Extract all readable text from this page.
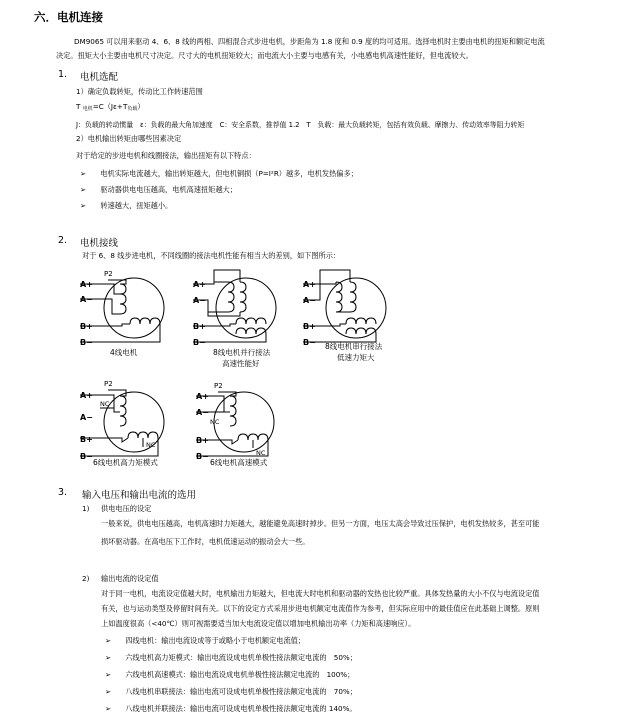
六．电机连接
DM9065 可以用来驱动 4、6、8 线的两相、四相混合式步进电机，步距角为 1.8 度和 0.9 度的均可适用。选择电机时主要由电机的扭矩和额定电流
决定。扭矩大小主要由电机尺寸决定。尺寸大的电机扭矩较大；而电流大小主要与电感有关，小电感电机高速性能好，但电流较大。
1. 电机选配
1）确定负载转矩，传动比工作转速范围
T 电机=C（Jε+T负载）
J：负载的转动惯量　ε：负载的最大角加速度　C：安全系数，推荐值 1.2　T　负载：最大负载转矩，包括有效负载、摩擦力、传动效率等阻力转矩
2）电机输出转矩由哪些因素决定
对于给定的步进电机和线圈接法，输出扭矩有以下特点：
➢ 电机实际电流越大，输出转矩越大，但电机铜损（P=I²R）越多，电机发热偏多；
➢ 驱动器供电电压越高，电机高速扭矩越大；
➢ 转速越大，扭矩越小。
2. 电机接线
对于 6、8 线步进电机，不同线圈的接法电机性能有相当大的差别，如下图所示：
P2
A+
A−
B+
B−
4线电机
A+
A−
B+
B−
8线电机并行接法
高速性能好
A+
A−
B+
B− 8线电机串行接法
低速力矩大
P2
A+
NC
A−
B+
NC
B−
6线电机高力矩模式
P2
A+
A−
NC
B+
B−	NC
6线电机高速模式
3. 输入电压和输出电流的选用
1) 供电电压的设定
一般来说，供电电压越高，电机高速时力矩越大，越能避免高速时掉步。但另一方面，电压太高会导致过压保护，电机发热较多，甚至可能
损坏驱动器。在高电压下工作时，电机低速运动的振动会大一些。
2) 输出电流的设定值
对于同一电机，电流设定值越大时，电机输出力矩越大，但电流大时电机和驱动器的发热也比较严重。具体发热量的大小不仅与电流设定值
有关，也与运动类型及停留时间有关。以下的设定方式采用步进电机额定电流值作为参考，但实际应用中的最佳值应在此基础上调整。原则
上如温度很高（<40℃）则可视需要适当加大电流设定值以增加电机输出功率（力矩和高速响应）。
➢ 四线电机：输出电流设成等于或略小于电机额定电流值；
➢ 六线电机高力矩模式：输出电流设成电机单极性接法额定电流的　50%；
➢ 六线电机高速模式：输出电流设成电机单极性接法额定电流的　100%；
➢ 八线电机串联接法：输出电流可设成电机单极性接法额定电流的　70%；
➢ 八线电机并联接法：输出电流可设成电机单极性接法额定电流的 140%。
